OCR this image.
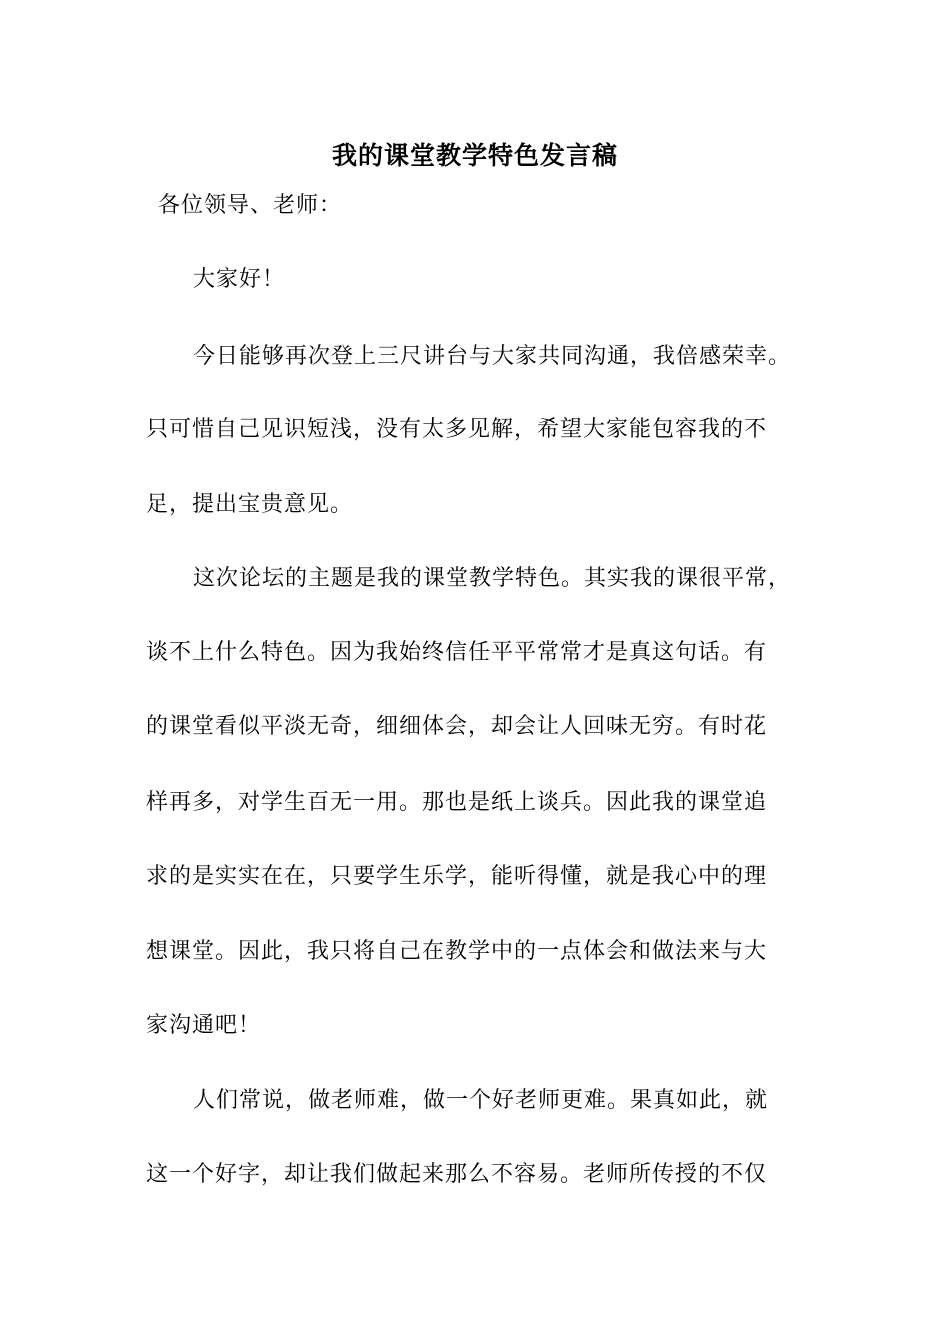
我的课堂教学特色发言稿
各位领导、老师：
大家好！
今日能够再次登上三尺讲台与大家共同沟通，我倍感荣幸。
只可惜自己见识短浅，没有太多见解，希望大家能包容我的不
足，提出宝贵意见。
这次论坛的主题是我的课堂教学特色。其实我的课很平常，
谈不上什么特色。因为我始终信任平平常常才是真这句话。有
的课堂看似平淡无奇，细细体会，却会让人回味无穷。有时花
样再多，对学生百无一用。那也是纸上谈兵。因此我的课堂追
求的是实实在在，只要学生乐学，能听得懂，就是我心中的理
想课堂。因此，我只将自己在教学中的一点体会和做法来与大
家沟通吧！
人们常说，做老师难，做一个好老师更难。果真如此，就
这一个好字，却让我们做起来那么不容易。老师所传授的不仅
